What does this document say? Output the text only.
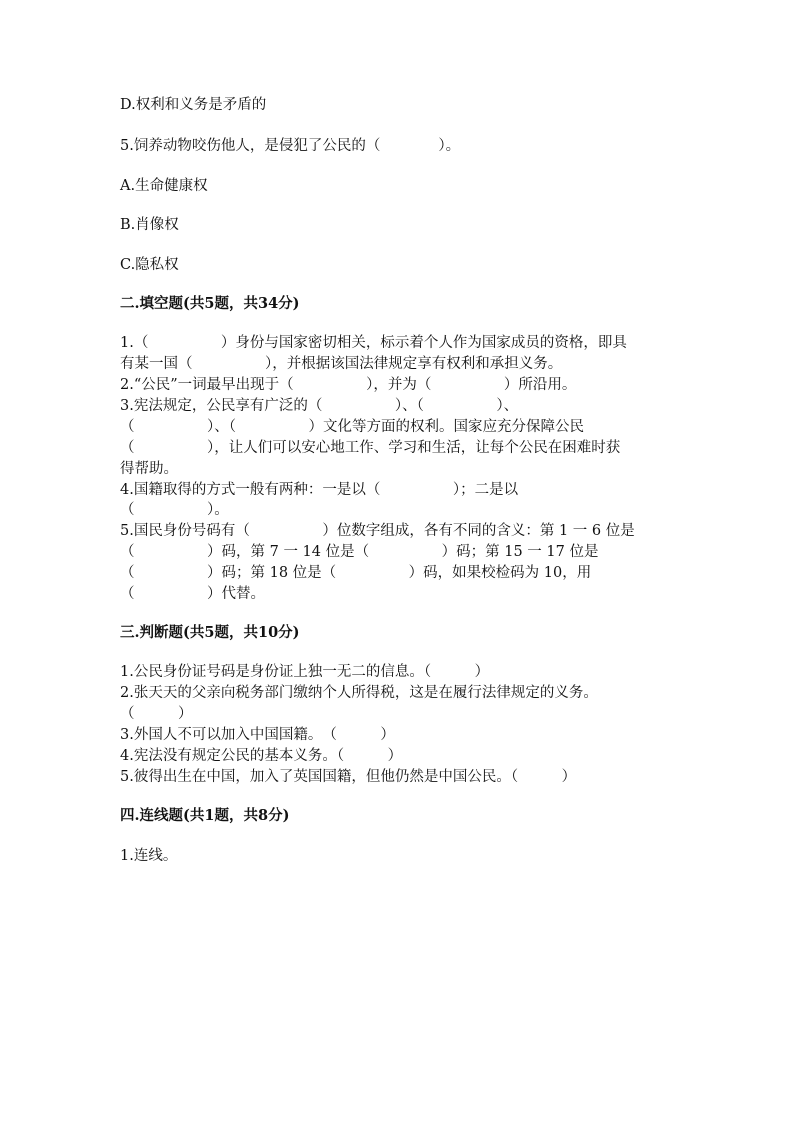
D.权利和义务是矛盾的
5.饲养动物咬伤他人，是侵犯了公民的（　　　　）。
A.生命健康权
B.肖像权
C.隐私权
二.填空题(共5题，共34分)
1.（　　　　　）身份与国家密切相关，标示着个人作为国家成员的资格，即具
有某一国（　　　　　），并根据该国法律规定享有权利和承担义务。
2.“公民”一词最早出现于（　　　　　），并为（　　　　　）所沿用。
3.宪法规定，公民享有广泛的（　　　　　）、（　　　　　）、
（　　　　　）、（　　　　　）文化等方面的权利。国家应充分保障公民
（　　　　　），让人们可以安心地工作、学习和生活，让每个公民在困难时获
得帮助。
4.国籍取得的方式一般有两种：一是以（　　　　　）；二是以
（　　　　　）。
5.国民身份号码有（　　　　　）位数字组成，各有不同的含义：第 1 一 6 位是
（　　　　　）码，第 7 一 14 位是（　　　　　）码；第 15 一 17 位是
（　　　　　）码；第 18 位是（　　　　　）码，如果校检码为 10，用
（　　　　　）代替。
三.判断题(共5题，共10分)
1.公民身份证号码是身份证上独一无二的信息。（　　　）
2.张天天的父亲向税务部门缴纳个人所得税，这是在履行法律规定的义务。
（　　　）
3.外国人不可以加入中国国籍。　（　　　）
4.宪法没有规定公民的基本义务。（　　　）
5.彼得出生在中国，加入了英国国籍，但他仍然是中国公民。（　　　）
四.连线题(共1题，共8分)
1.连线。
